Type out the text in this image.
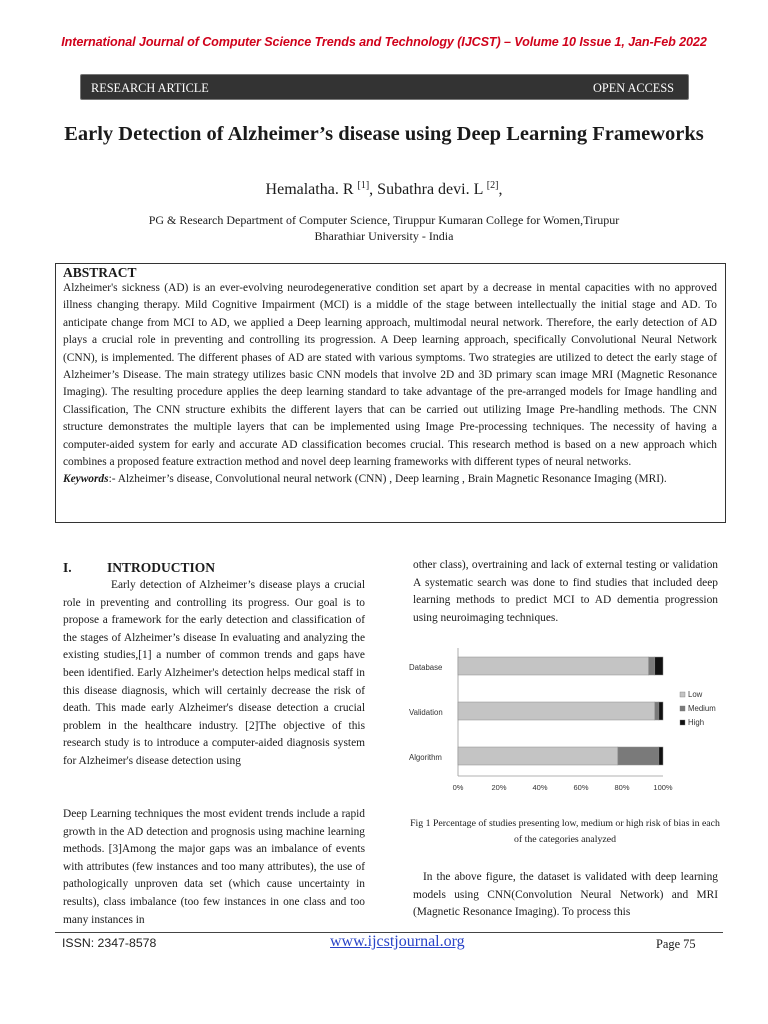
International Journal of Computer Science Trends and Technology (IJCST) – Volume 10 Issue 1, Jan-Feb 2022
RESEARCH ARTICLE	OPEN ACCESS
Early Detection of Alzheimer’s disease using Deep Learning Frameworks
Hemalatha. R [1], Subathra devi. L [2],
PG & Research Department of Computer Science, Tiruppur Kumaran College for Women,Tirupur
Bharathiar University - India
ABSTRACT
Alzheimer's sickness (AD) is an ever-evolving neurodegenerative condition set apart by a decrease in mental capacities with no approved illness changing therapy. Mild Cognitive Impairment (MCI) is a middle of the stage between intellectually the initial stage and AD. To anticipate change from MCI to AD, we applied a Deep learning approach, multimodal neural network. Therefore, the early detection of AD plays a crucial role in preventing and controlling its progression. A Deep learning approach, specifically Convolutional Neural Network (CNN), is implemented. The different phases of AD are stated with various symptoms. Two strategies are utilized to detect the early stage of Alzheimer’s Disease. The main strategy utilizes basic CNN models that involve 2D and 3D primary scan image MRI (Magnetic Resonance Imaging). The resulting procedure applies the deep learning standard to take advantage of the pre-arranged models for Image handling and Classification, The CNN structure exhibits the different layers that can be carried out utilizing Image Pre-handling methods. The CNN structure demonstrates the multiple layers that can be implemented using Image Pre-processing techniques. The necessity of having a computer-aided system for early and accurate AD classification becomes crucial. This research method is based on a new approach which combines a proposed feature extraction method and novel deep learning frameworks with different types of neural networks.
Keywords:- Alzheimer’s disease, Convolutional neural network (CNN) , Deep learning , Brain Magnetic Resonance Imaging (MRI).
I.	INTRODUCTION

Early detection of Alzheimer’s disease plays a crucial role in preventing and controlling its progress. Our goal is to propose a framework for the early detection and classification of the stages of Alzheimer’s disease In evaluating and analyzing the existing studies,[1] a number of common trends and gaps have been identified. Early Alzheimer's detection helps medical staff in this disease diagnosis, which will certainly decrease the risk of death. This made early Alzheimer's disease detection a crucial problem in the healthcare industry. [2]The objective of this research study is to introduce a computer-aided diagnosis system for Alzheimer's disease detection using

Deep Learning techniques the most evident trends include a rapid growth in the AD detection and prognosis using machine learning methods. [3]Among the major gaps was an imbalance of events with attributes (few instances and too many attributes), the use of pathologically unproven data set (which cause uncertainty in results), class imbalance (too few instances in one class and too many instances in

other class), overtraining and lack of external testing or validation A systematic search was done to find studies that included deep learning methods to predict MCI to AD dementia progression using neuroimaging techniques.

0%	20%	40%	60%	80%	100%
Database
Validation
Algorithm
Low
Medium
High
Fig 1 Percentage of studies presenting low, medium or high risk of bias in each of the categories analyzed

In the above figure, the dataset is validated with deep learning models using CNN(Convolution Neural Network) and MRI (Magnetic Resonance Imaging). To process this

ISSN: 2347-8578	www.ijcstjournal.org	Page 75
